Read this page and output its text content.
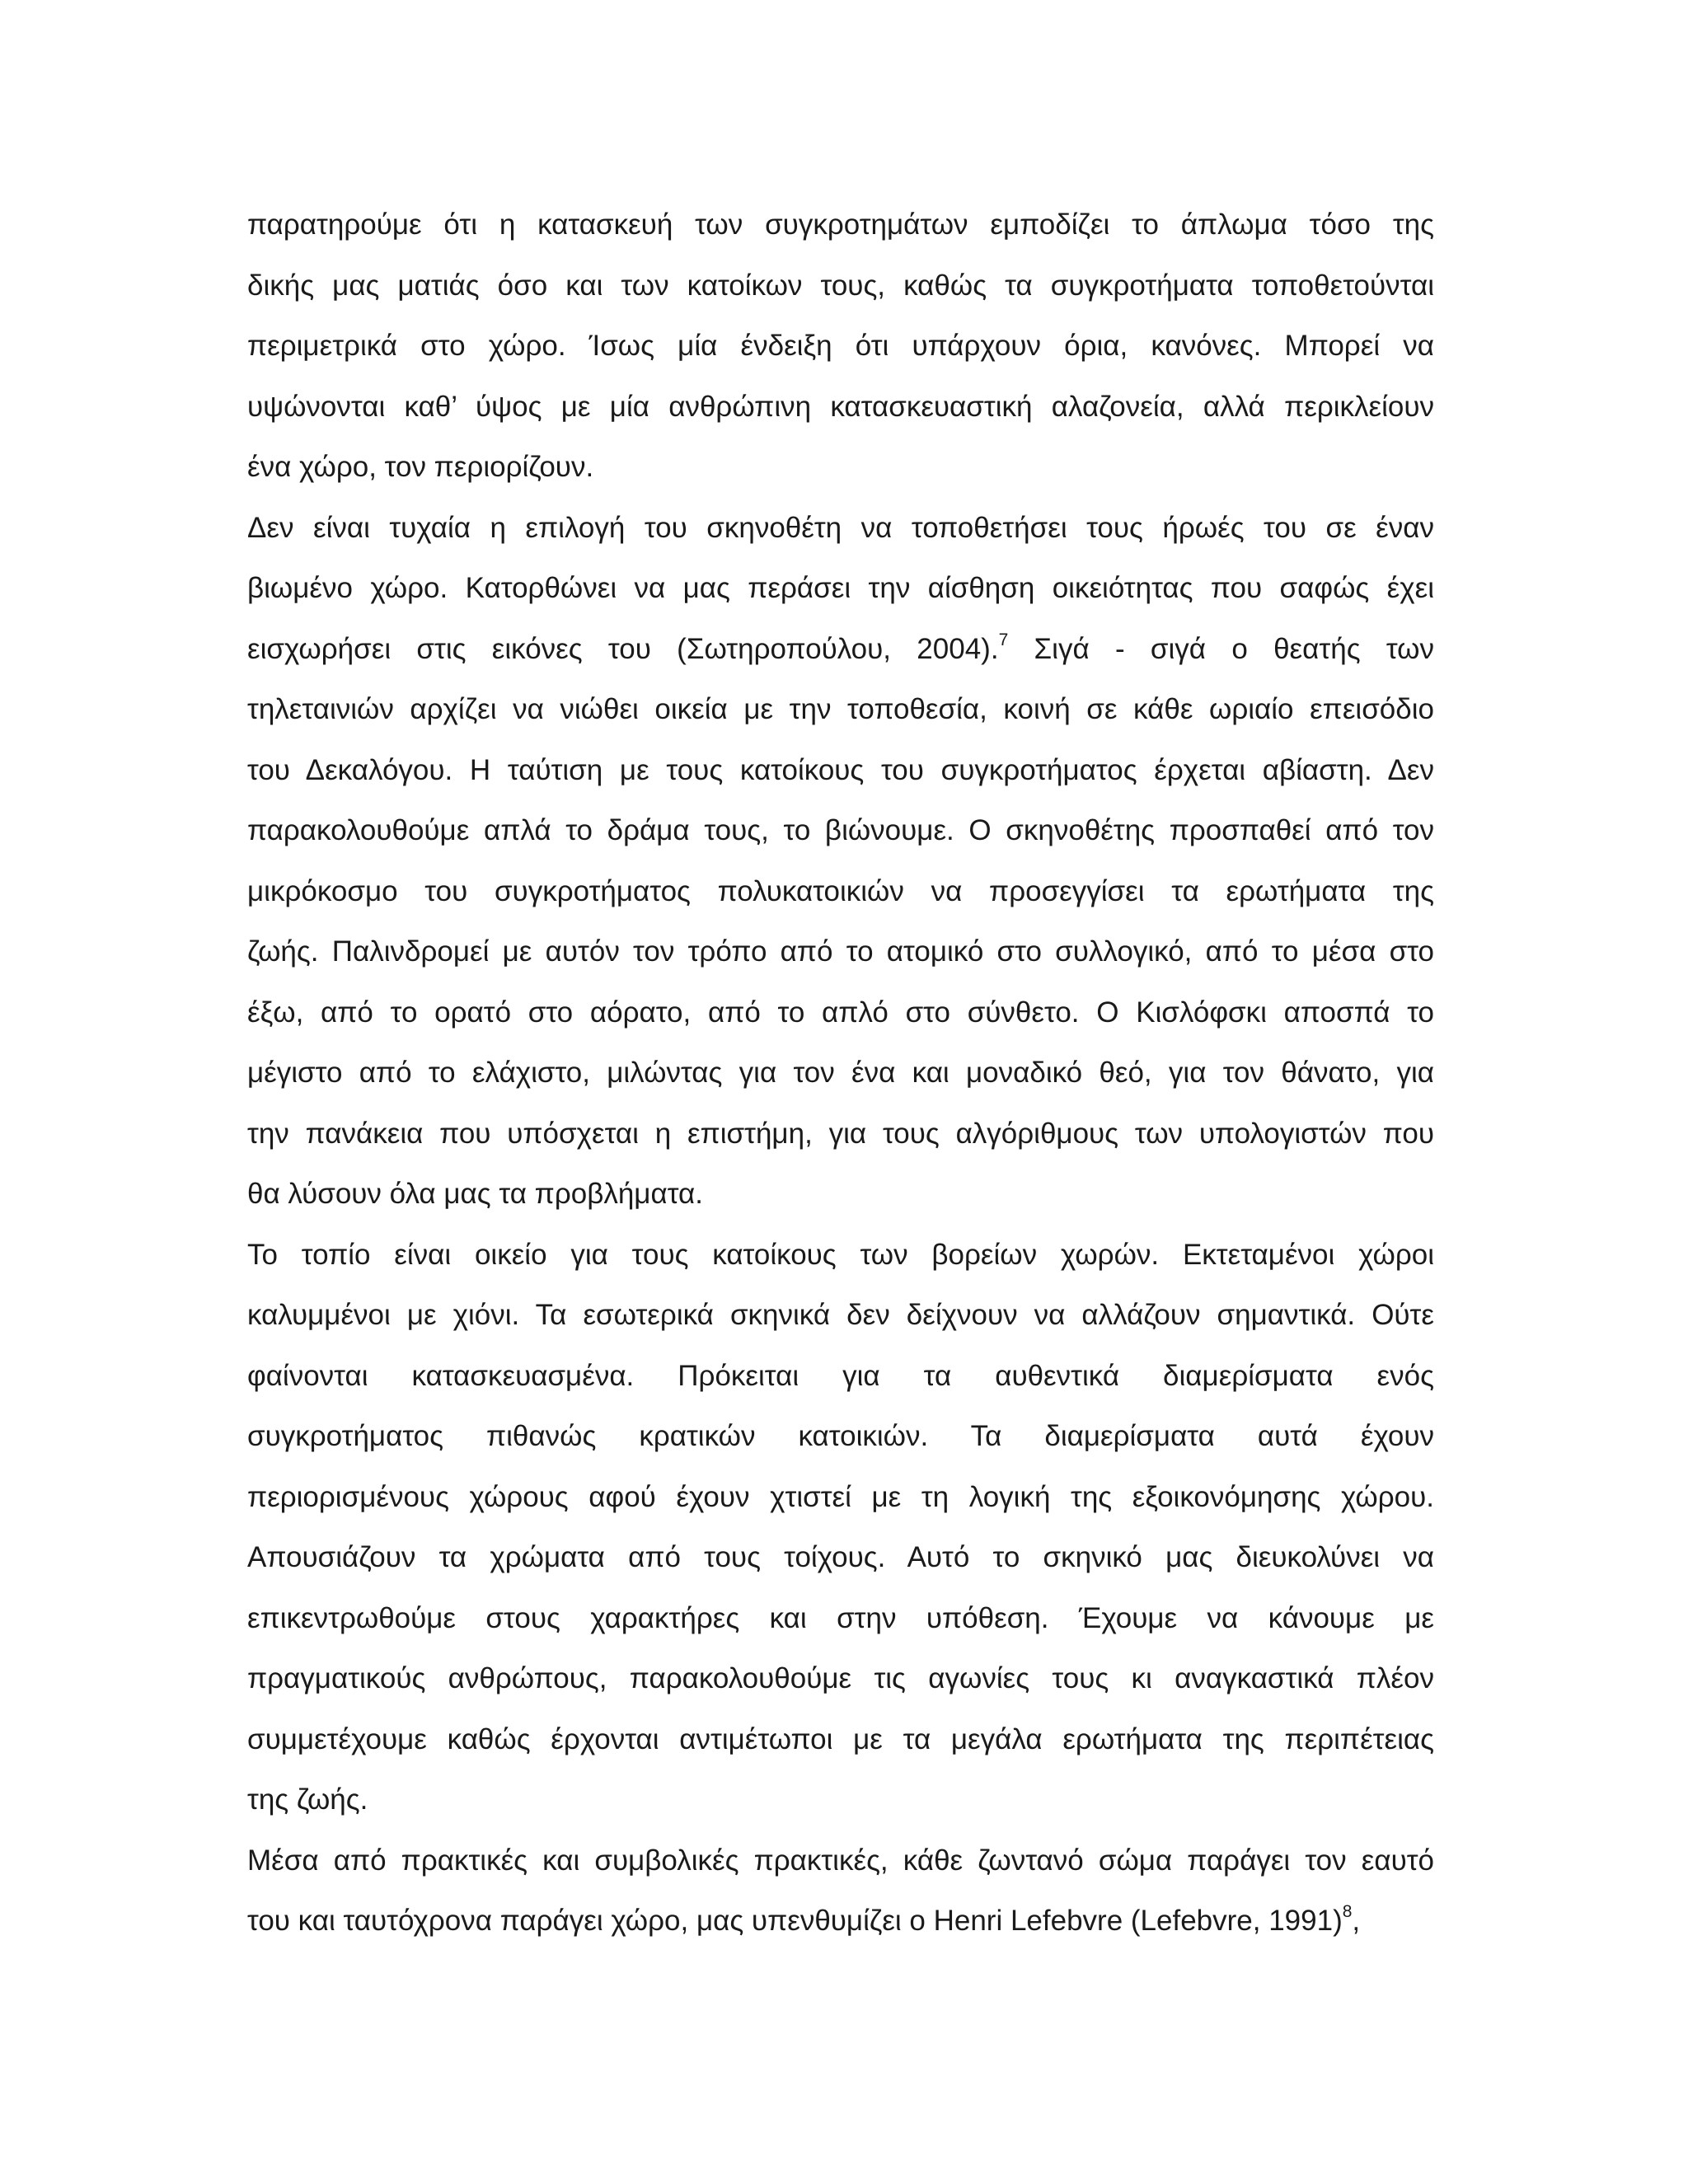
παρατηρούμε ότι η κατασκευή των συγκροτημάτων εμποδίζει το άπλωμα τόσο της
δικής μας ματιάς όσο και των κατοίκων τους, καθώς τα συγκροτήματα τοποθετούνται
περιμετρικά στο χώρο. Ίσως μία ένδειξη ότι υπάρχουν όρια, κανόνες. Μπορεί να
υψώνονται καθ’ ύψος με μία ανθρώπινη κατασκευαστική αλαζονεία, αλλά περικλείουν
ένα χώρο, τον περιορίζουν.
Δεν είναι τυχαία η επιλογή του σκηνοθέτη να τοποθετήσει τους ήρωές του σε έναν
βιωμένο χώρο. Κατορθώνει να μας περάσει την αίσθηση οικειότητας που σαφώς έχει
εισχωρήσει στις εικόνες του (Σωτηροπούλου, 2004).$^7$ Σιγά - σιγά ο θεατής των
τηλεταινιών αρχίζει να νιώθει οικεία με την τοποθεσία, κοινή σε κάθε ωριαίο επεισόδιο
του Δεκαλόγου. Η ταύτιση με τους κατοίκους του συγκροτήματος έρχεται αβίαστη. Δεν
παρακολουθούμε απλά το δράμα τους, το βιώνουμε. Ο σκηνοθέτης προσπαθεί από τον
μικρόκοσμο του συγκροτήματος πολυκατοικιών να προσεγγίσει τα ερωτήματα της
ζωής. Παλινδρομεί με αυτόν τον τρόπο από το ατομικό στο συλλογικό, από το μέσα στο
έξω, από το ορατό στο αόρατο, από το απλό στο σύνθετο. Ο Κισλόφσκι αποσπά το
μέγιστο από το ελάχιστο, μιλώντας για τον ένα και μοναδικό θεό, για τον θάνατο, για
την πανάκεια που υπόσχεται η επιστήμη, για τους αλγόριθμους των υπολογιστών που
θα λύσουν όλα μας τα προβλήματα.
Το τοπίο είναι οικείο για τους κατοίκους των βορείων χωρών. Εκτεταμένοι χώροι
καλυμμένοι με χιόνι. Τα εσωτερικά σκηνικά δεν δείχνουν να αλλάζουν σημαντικά. Ούτε
φαίνονται κατασκευασμένα. Πρόκειται για τα αυθεντικά διαμερίσματα ενός
συγκροτήματος πιθανώς κρατικών κατοικιών. Τα διαμερίσματα αυτά έχουν
περιορισμένους χώρους αφού έχουν χτιστεί με τη λογική της εξοικονόμησης χώρου.
Απουσιάζουν τα χρώματα από τους τοίχους. Αυτό το σκηνικό μας διευκολύνει να
επικεντρωθούμε στους χαρακτήρες και στην υπόθεση. Έχουμε να κάνουμε με
πραγματικούς ανθρώπους, παρακολουθούμε τις αγωνίες τους κι αναγκαστικά πλέον
συμμετέχουμε καθώς έρχονται αντιμέτωποι με τα μεγάλα ερωτήματα της περιπέτειας
της ζωής.
Μέσα από πρακτικές και συμβολικές πρακτικές, κάθε ζωντανό σώμα παράγει τον εαυτό
του και ταυτόχρονα παράγει χώρο, μας υπενθυμίζει ο Henri Lefebvre (Lefebvre, 1991)$^8$,
